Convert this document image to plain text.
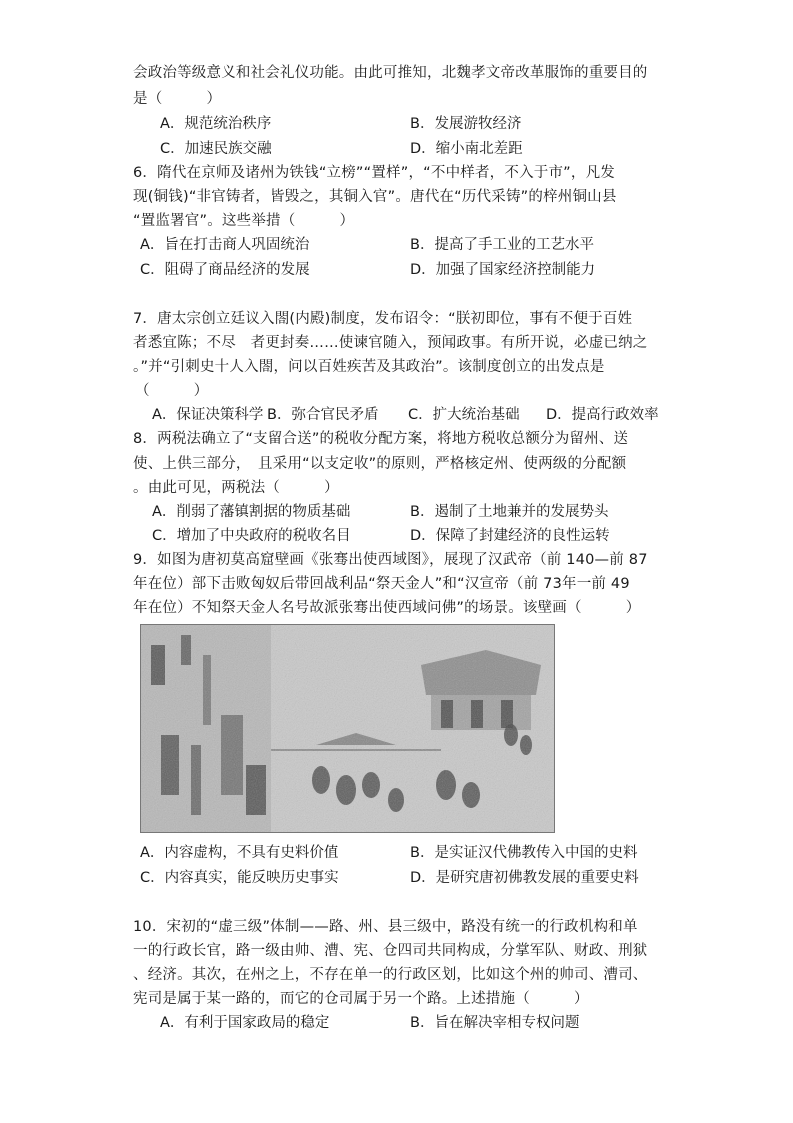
会政治等级意义和社会礼仪功能。由此可推知，北魏孝文帝改革服饰的重要目的
是（　　　）
A．规范统治秩序	B．发展游牧经济
C．加速民族交融	D．缩小南北差距
6．隋代在京师及诸州为铁钱“立榜”“置样”，“不中样者，不入于市”，凡发
现(铜钱)“非官铸者，皆毁之，其铜入官”。唐代在“历代采铸”的梓州铜山县
“置监署官”。这些举措（　　　）
A．旨在打击商人巩固统治	B．提高了手工业的工艺水平
C．阻碍了商品经济的发展	D．加强了国家经济控制能力
7．唐太宗创立廷议入閤(内殿)制度，发布诏令：“朕初即位，事有不便于百姓
者悉宜陈；不尽　者更封奏……使谏官随入，预闻政事。有所开说，必虚已纳之
。”并“引刺史十人入閤，问以百姓疾苦及其政治”。该制度创立的出发点是
（　　　）
A．保证决策科学 B．弥合官民矛盾 C．扩大统治基础 D．提高行政效率
8．两税法确立了“支留合送”的税收分配方案，将地方税收总额分为留州、送
使、上供三部分，　且采用“以支定收”的原则，严格核定州、使两级的分配额
。由此可见，两税法（　　　）
A．削弱了藩镇割据的物质基础	B．遏制了土地兼并的发展势头
C．增加了中央政府的税收名目	D．保障了封建经济的良性运转
9．如图为唐初莫高窟壁画《张骞出使西域图》，展现了汉武帝（前 140—前 87
年在位）部下击败匈奴后带回战利品“祭天金人”和“汉宣帝（前 73年一前 49
年在位）不知祭天金人名号故派张骞出使西域问佛”的场景。该壁画（　　　）
A．内容虚构，不具有史料价值	B．是实证汉代佛教传入中国的史料
C．内容真实，能反映历史事实	D．是研究唐初佛教发展的重要史料
10．宋初的“虚三级”体制——路、州、县三级中，路没有统一的行政机构和单
一的行政长官，路一级由帅、漕、宪、仓四司共同构成，分掌军队、财政、刑狱
、经济。其次，在州之上，不存在单一的行政区划，比如这个州的帅司、漕司、
宪司是属于某一路的，而它的仓司属于另一个路。上述措施（　　　）
A．有利于国家政局的稳定	B．旨在解决宰相专权问题
